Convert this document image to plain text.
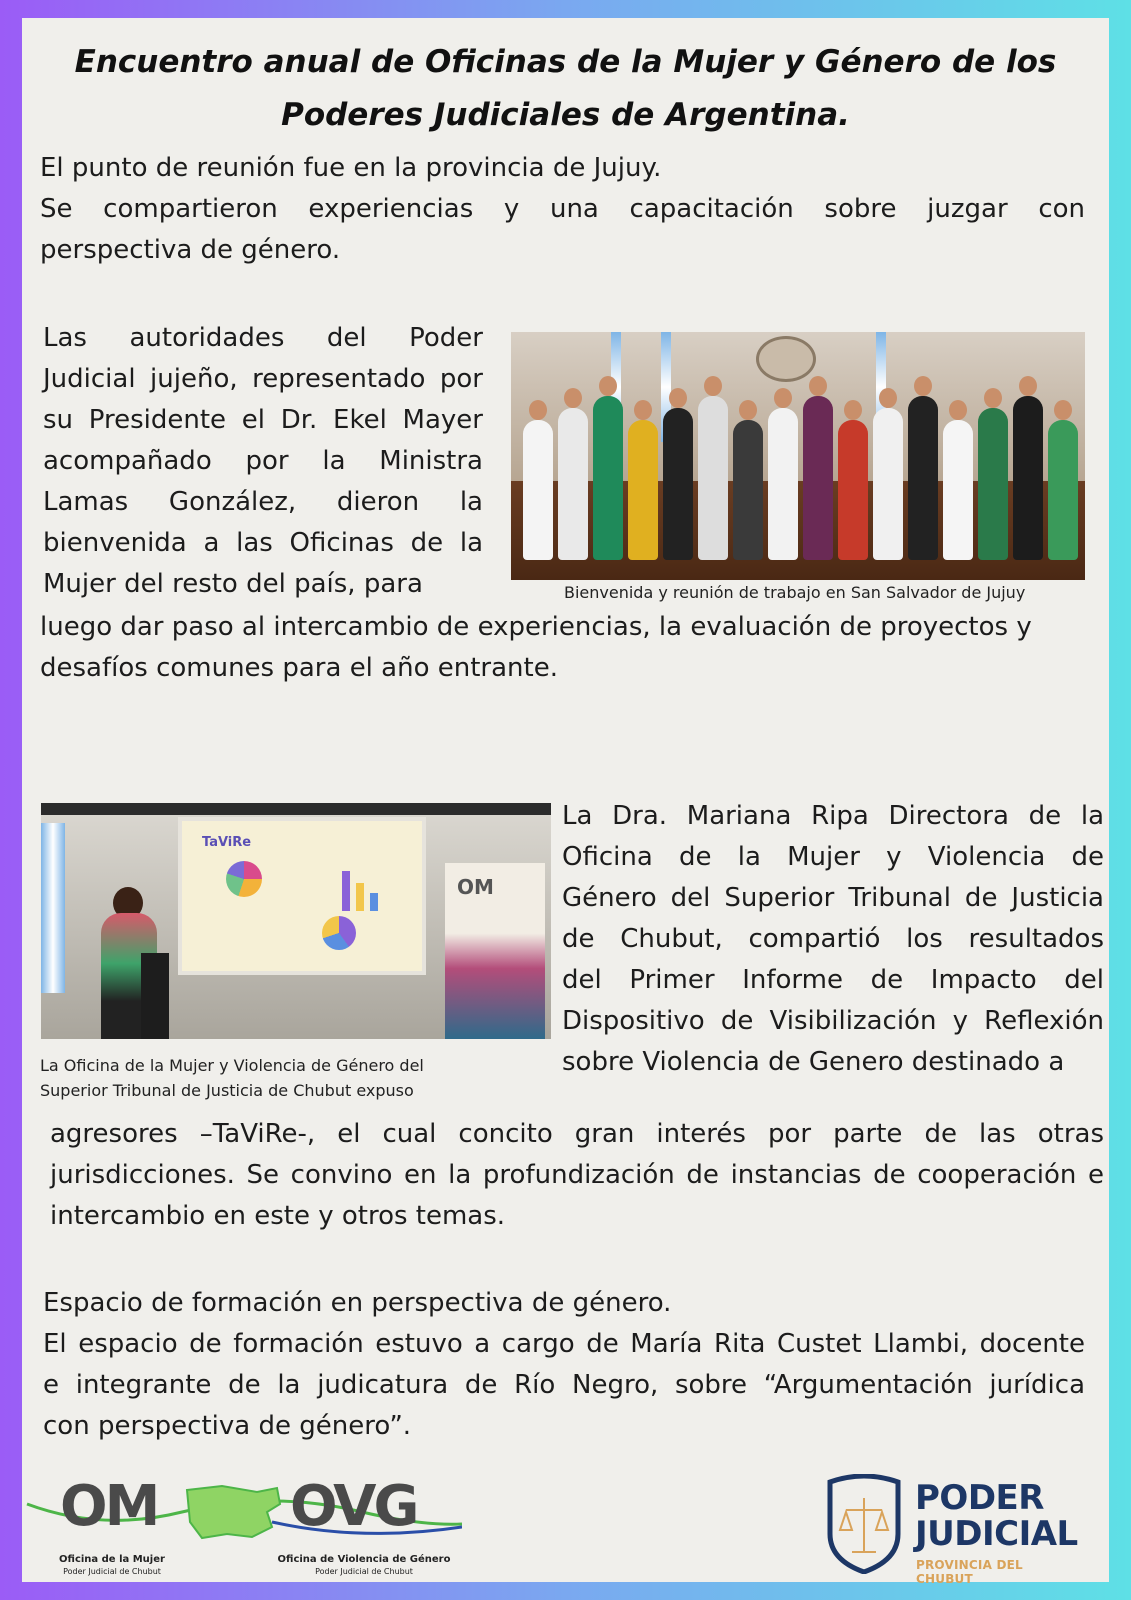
Encuentro anual de Oficinas de la Mujer y Género de los
Poderes Judiciales de Argentina.
El punto de reunión fue en la provincia de Jujuy.
Se compartieron experiencias y una capacitación sobre juzgar con
perspectiva de género.
Las autoridades del Poder
Judicial jujeño, representado por
su Presidente el Dr. Ekel Mayer
acompañado por la Ministra
Lamas González, dieron la
bienvenida a las Oficinas de la
Mujer del resto del país, para	Bienvenida y reunión de trabajo en San Salvador de Jujuy
luego dar paso al intercambio de experiencias, la evaluación de proyectos y
desafíos comunes para el año entrante.
TaViRe
OM
La Oficina de la Mujer y Violencia de Género del
Superior Tribunal de Justicia de Chubut expuso
La Dra. Mariana Ripa Directora de la
Oficina de la Mujer y Violencia de
Género del Superior Tribunal de Justicia
de Chubut, compartió los resultados
del Primer Informe de Impacto del
Dispositivo de Visibilización y Reflexión
sobre Violencia de Genero destinado a
agresores –TaViRe-, el cual concito gran interés por parte de las otras
jurisdicciones. Se convino en la profundización de instancias de cooperación e
intercambio en este y otros temas.
Espacio de formación en perspectiva de género.
El espacio de formación estuvo a cargo de María Rita Custet Llambi, docente
e integrante de la judicatura de Río Negro, sobre “Argumentación jurídica
con perspectiva de género”.
OM OVG
Oficina de la Mujer
Poder Judicial de Chubut
Oficina de Violencia de Género
Poder Judicial de Chubut
PODER
JUDICIAL
PROVINCIA DEL CHUBUT
